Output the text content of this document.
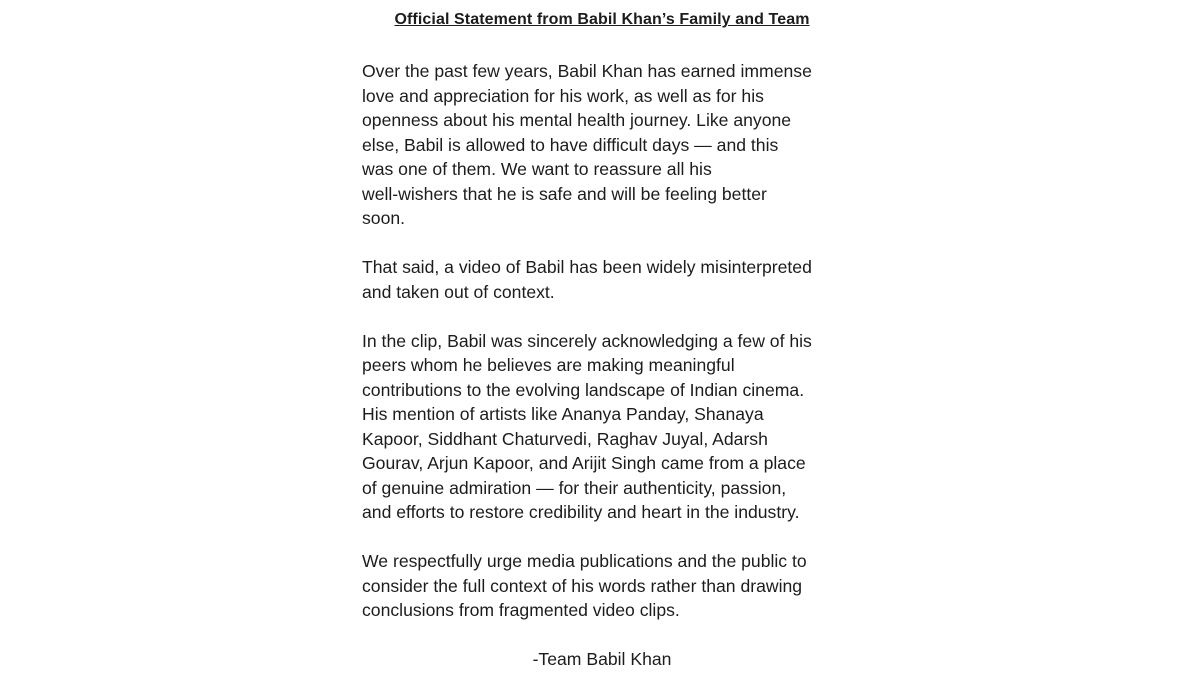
Official Statement from Babil Khan’s Family and Team
Over the past few years, Babil Khan has earned immense
love and appreciation for his work, as well as for his
openness about his mental health journey. Like anyone
else, Babil is allowed to have difficult days — and this
was one of them. We want to reassure all his
well-wishers that he is safe and will be feeling better
soon.
That said, a video of Babil has been widely misinterpreted
and taken out of context.
In the clip, Babil was sincerely acknowledging a few of his
peers whom he believes are making meaningful
contributions to the evolving landscape of Indian cinema.
His mention of artists like Ananya Panday, Shanaya
Kapoor, Siddhant Chaturvedi, Raghav Juyal, Adarsh
Gourav, Arjun Kapoor, and Arijit Singh came from a place
of genuine admiration — for their authenticity, passion,
and efforts to restore credibility and heart in the industry.
We respectfully urge media publications and the public to
consider the full context of his words rather than drawing
conclusions from fragmented video clips.
-Team Babil Khan
